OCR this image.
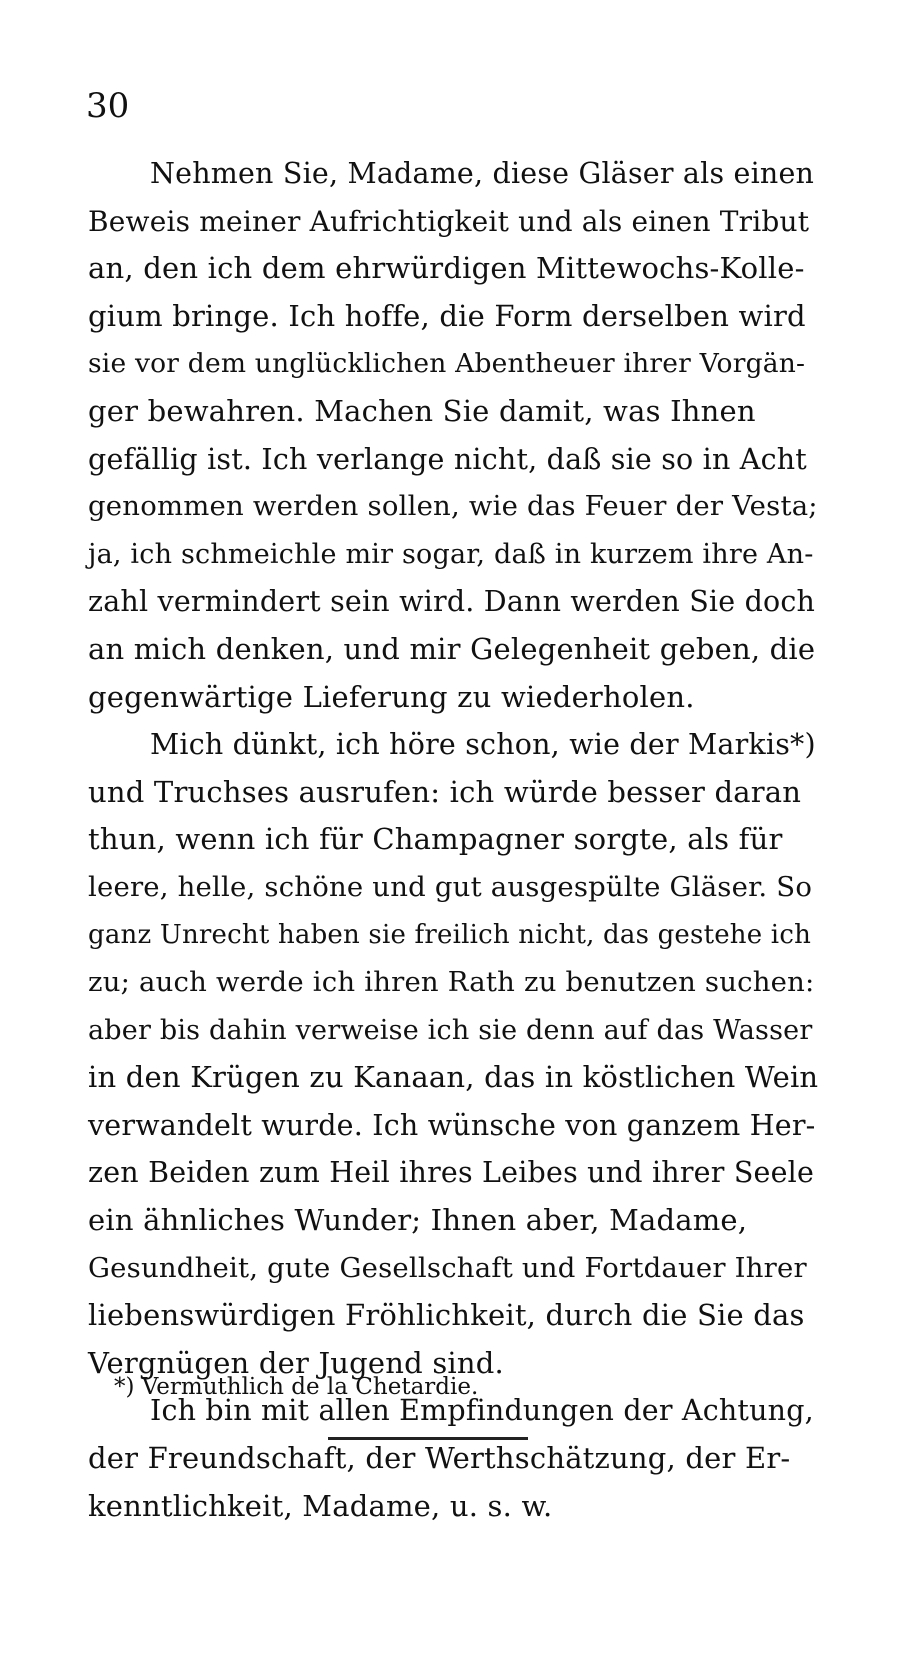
30
Nehmen Sie, Madame, diese Gläser als einen
Beweis meiner Aufrichtigkeit und als einen Tribut
an, den ich dem ehrwürdigen Mittewochs-Kolle-
gium bringe. Ich hoffe, die Form derselben wird
sie vor dem unglücklichen Abentheuer ihrer Vorgän-
ger bewahren. Machen Sie damit, was Ihnen
gefällig ist. Ich verlange nicht, daß sie so in Acht
genommen werden sollen, wie das Feuer der Vesta;
ja, ich schmeichle mir sogar, daß in kurzem ihre An-
zahl vermindert sein wird. Dann werden Sie doch
an mich denken, und mir Gelegenheit geben, die
gegenwärtige Lieferung zu wiederholen.
Mich dünkt, ich höre schon, wie der Markis*)
und Truchses ausrufen: ich würde besser daran
thun, wenn ich für Champagner sorgte, als für
leere, helle, schöne und gut ausgespülte Gläser. So
ganz Unrecht haben sie freilich nicht, das gestehe ich
zu; auch werde ich ihren Rath zu benutzen suchen:
aber bis dahin verweise ich sie denn auf das Wasser
in den Krügen zu Kanaan, das in köstlichen Wein
verwandelt wurde. Ich wünsche von ganzem Her-
zen Beiden zum Heil ihres Leibes und ihrer Seele
ein ähnliches Wunder; Ihnen aber, Madame,
Gesundheit, gute Gesellschaft und Fortdauer Ihrer
liebenswürdigen Fröhlichkeit, durch die Sie das
Vergnügen der Jugend sind.
Ich bin mit allen Empfindungen der Achtung,
der Freundschaft, der Werthschätzung, der Er-
kenntlichkeit, Madame, u. s. w.
*) Vermuthlich de la Chetardie.
